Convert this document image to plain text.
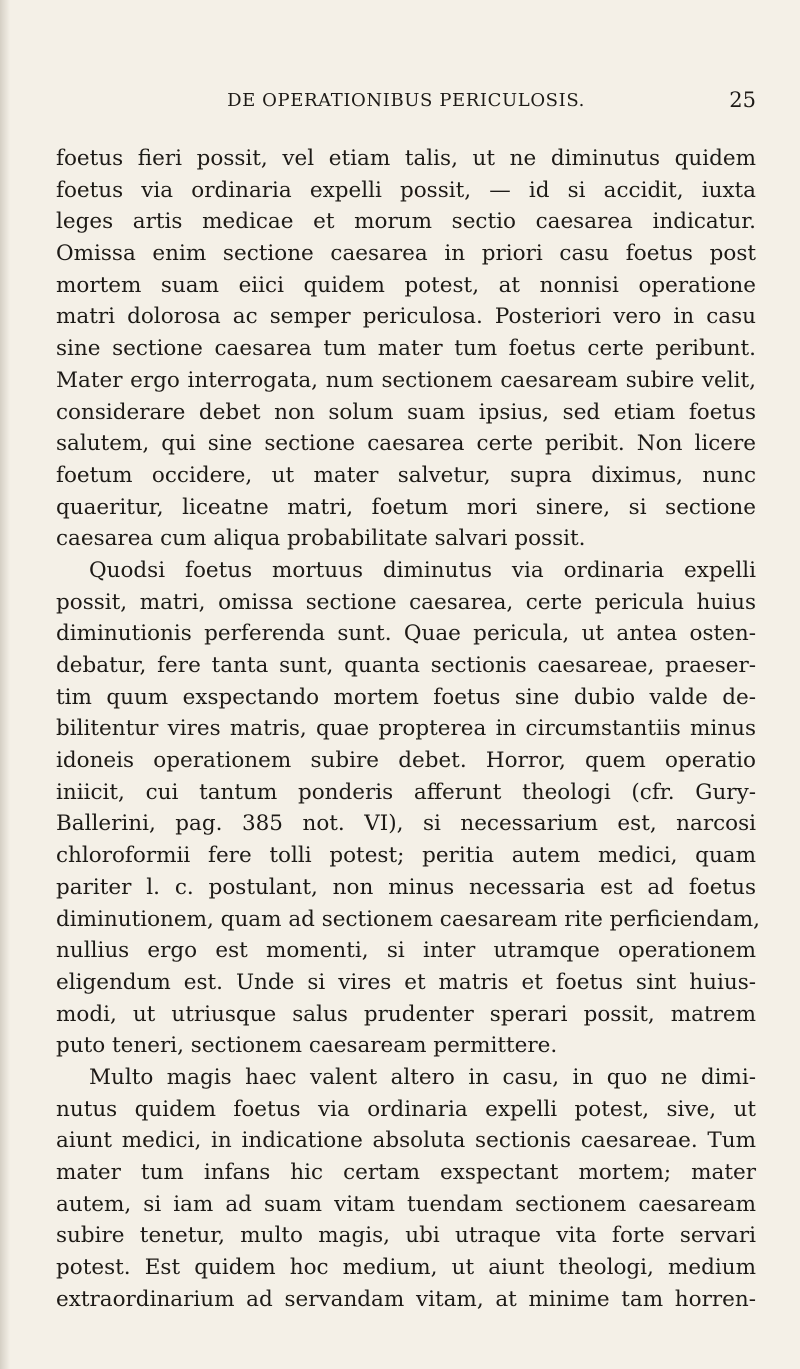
DE OPERATIONIBUS PERICULOSIS.	25
foetus fieri possit, vel etiam talis, ut ne diminutus quidem
foetus via ordinaria expelli possit, — id si accidit, iuxta
leges artis medicae et morum sectio caesarea indicatur.
Omissa enim sectione caesarea in priori casu foetus post
mortem suam eiici quidem potest, at nonnisi operatione
matri dolorosa ac semper periculosa. Posteriori vero in casu
sine sectione caesarea tum mater tum foetus certe peribunt.
Mater ergo interrogata, num sectionem caesaream subire velit,
considerare debet non solum suam ipsius, sed etiam foetus
salutem, qui sine sectione caesarea certe peribit. Non licere
foetum occidere, ut mater salvetur, supra diximus, nunc
quaeritur, liceatne matri, foetum mori sinere, si sectione
caesarea cum aliqua probabilitate salvari possit.
Quodsi foetus mortuus diminutus via ordinaria expelli
possit, matri, omissa sectione caesarea, certe pericula huius
diminutionis perferenda sunt. Quae pericula, ut antea osten-
debatur, fere tanta sunt, quanta sectionis caesareae, praeser-
tim quum exspectando mortem foetus sine dubio valde de-
bilitentur vires matris, quae propterea in circumstantiis minus
idoneis operationem subire debet. Horror, quem operatio
iniicit, cui tantum ponderis afferunt theologi (cfr. Gury-
Ballerini, pag. 385 not. VI), si necessarium est, narcosi
chloroformii fere tolli potest; peritia autem medici, quam
pariter l. c. postulant, non minus necessaria est ad foetus
diminutionem, quam ad sectionem caesaream rite perficiendam,
nullius ergo est momenti, si inter utramque operationem
eligendum est. Unde si vires et matris et foetus sint huius-
modi, ut utriusque salus prudenter sperari possit, matrem
puto teneri, sectionem caesaream permittere.
Multo magis haec valent altero in casu, in quo ne dimi-
nutus quidem foetus via ordinaria expelli potest, sive, ut
aiunt medici, in indicatione absoluta sectionis caesareae. Tum
mater tum infans hic certam exspectant mortem; mater
autem, si iam ad suam vitam tuendam sectionem caesaream
subire tenetur, multo magis, ubi utraque vita forte servari
potest. Est quidem hoc medium, ut aiunt theologi, medium
extraordinarium ad servandam vitam, at minime tam horren-
